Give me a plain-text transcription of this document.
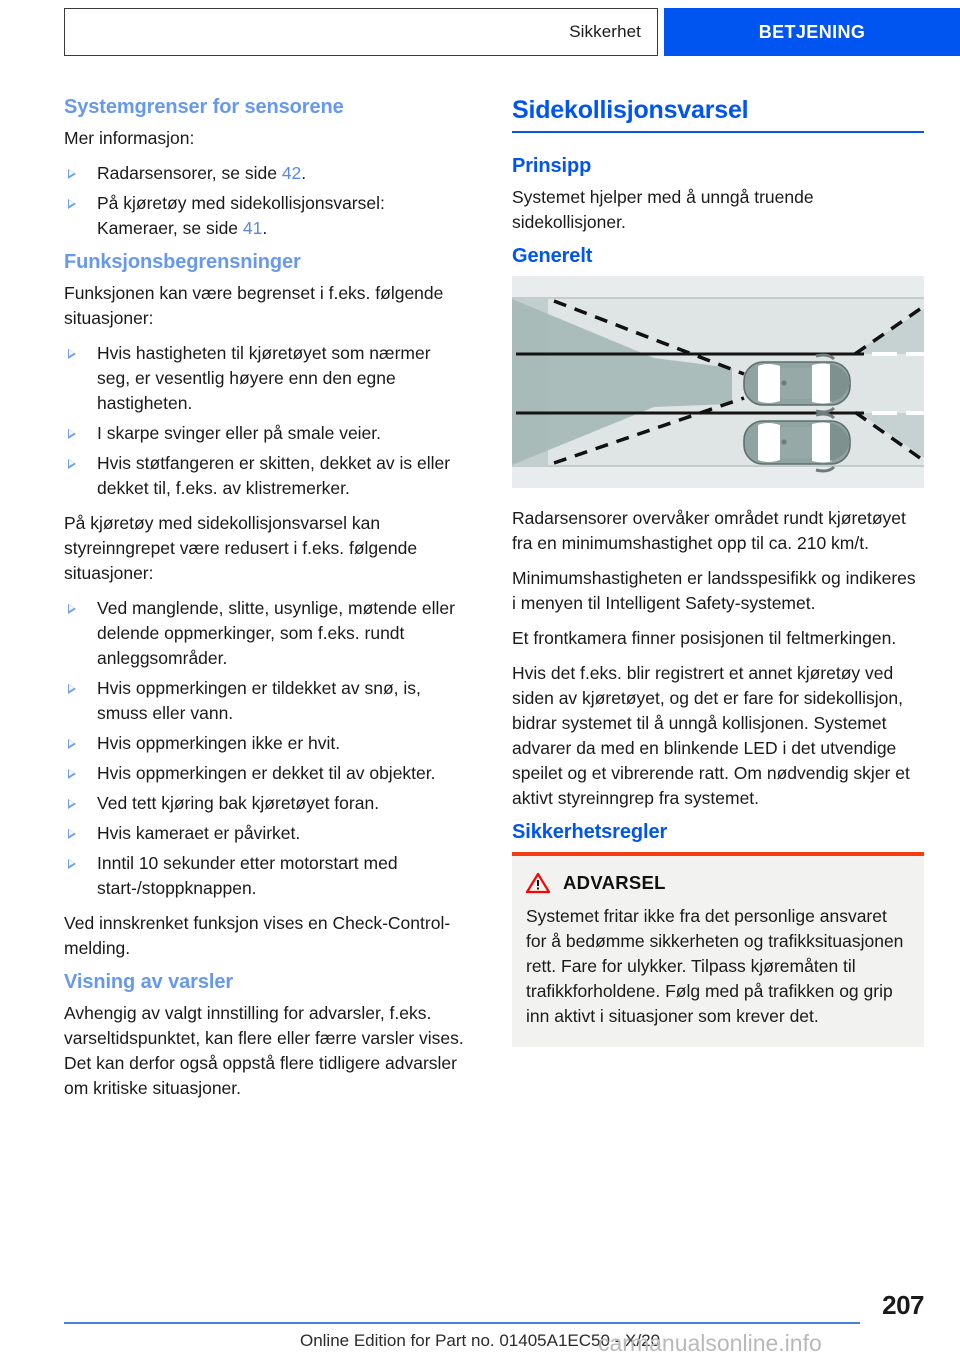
Sikkerhet	BETJENING
Systemgrenser for sensorene

Mer informasjon:

Radarsensorer, se side 42.
På kjøretøy med sidekollisjonsvarsel: Kameraer, se side 41.
Funksjonsbegrensninger

Funksjonen kan være begrenset i f.eks. følgende situasjoner:

Hvis hastigheten til kjøretøyet som nærmer seg, er vesentlig høyere enn den egne hastigheten.
I skarpe svinger eller på smale veier.
Hvis støtfangeren er skitten, dekket av is eller dekket til, f.eks. av klistremerker.

På kjøretøy med sidekollisjonsvarsel kan styreinngrepet være redusert i f.eks. følgende situasjoner:

Ved manglende, slitte, usynlige, møtende eller delende oppmerkinger, som f.eks. rundt anleggsområder.
Hvis oppmerkingen er tildekket av snø, is, smuss eller vann.
Hvis oppmerkingen ikke er hvit.
Hvis oppmerkingen er dekket til av objekter.
Ved tett kjøring bak kjøretøyet foran.
Hvis kameraet er påvirket.
Inntil 10 sekunder etter motorstart med start-/stoppknappen.

Ved innskrenket funksjon vises en Check-Control-melding.

Visning av varsler

Avhengig av valgt innstilling for advarsler, f.eks. varseltidspunktet, kan flere eller færre varsler vises. Det kan derfor også oppstå flere tidligere advarsler om kritiske situasjoner.

Sidekollisjonsvarsel
Prinsipp

Systemet hjelper med å unngå truende sidekollisjoner.

Generelt

Radarsensorer overvåker området rundt kjøretøyet fra en minimumshastighet opp til ca. 210 km/t.

Minimumshastigheten er landsspesifikk og indikeres i menyen til Intelligent Safety-systemet.

Et frontkamera finner posisjonen til feltmerkingen.

Hvis det f.eks. blir registrert et annet kjøretøy ved siden av kjøretøyet, og det er fare for sidekollisjon, bidrar systemet til å unngå kollisjonen. Systemet advarer da med en blinkende LED i det utvendige speilet og et vibrerende ratt. Om nødvendig skjer et aktivt styreinngrep fra systemet.

Sikkerhetsregler
ADVARSEL

Systemet fritar ikke fra det personlige ansvaret for å bedømme sikkerheten og trafikksituasjonen rett. Fare for ulykker. Tilpass kjøremåten til trafikkforholdene. Følg med på trafikken og grip inn aktivt i situasjoner som krever det.

207
Online Edition for Part no. 01405A1EC50 - X/20
carmanualsonline.info
